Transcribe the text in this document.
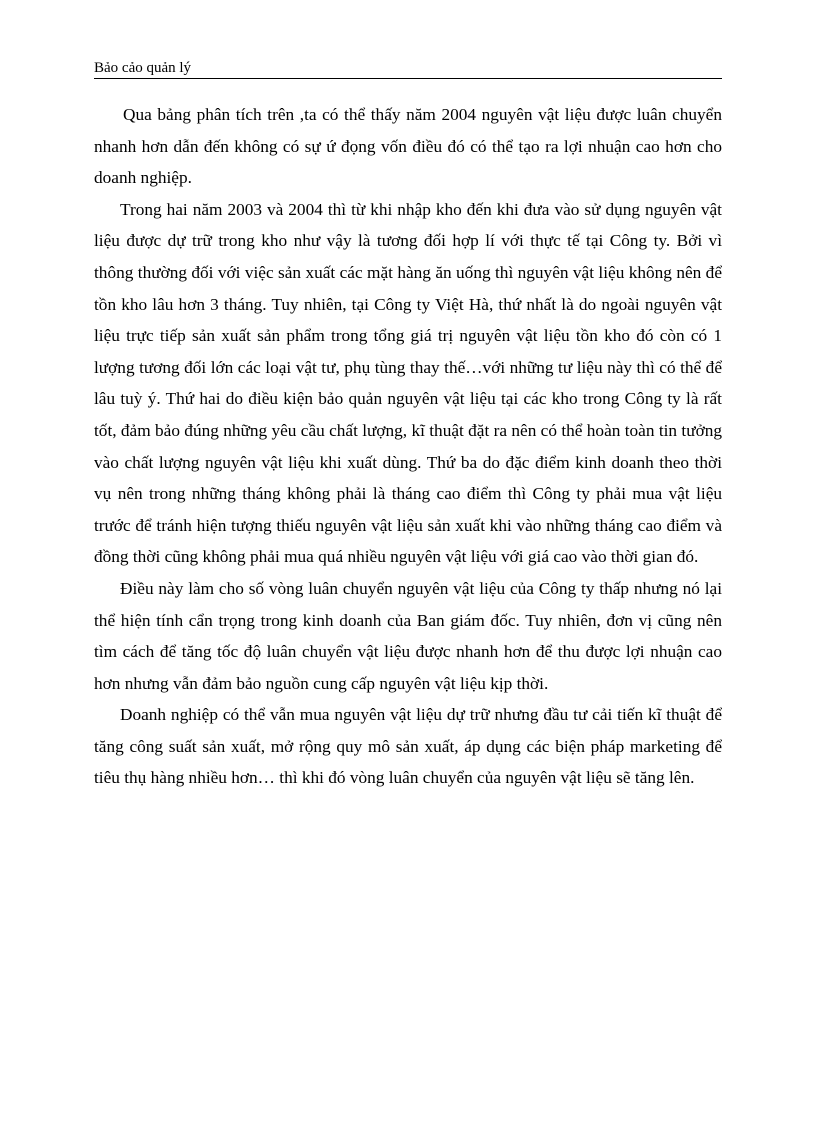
Bảo cảo quản lý

Qua bảng phân tích trên ,ta có thể thấy năm 2004 nguyên vật liệu được luân chuyển nhanh hơn dẫn đến không có sự ứ đọng vốn điều đó có thể tạo ra lợi nhuận cao hơn cho doanh nghiệp.

Trong hai năm 2003 và 2004 thì từ khi nhập kho đến khi đưa vào sử dụng nguyên vật liệu được dự trữ trong kho như vậy là tương đối hợp lí với thực tế tại Công ty. Bởi vì thông thường đối với việc sản xuất các mặt hàng ăn uống thì nguyên vật liệu không nên để tồn kho lâu hơn 3 tháng. Tuy nhiên, tại Công ty Việt Hà, thứ nhất là do ngoài nguyên vật liệu trực tiếp sản xuất sản phẩm trong tổng giá trị nguyên vật liệu tồn kho đó còn có 1 lượng tương đối lớn các loại vật tư, phụ tùng thay thế…với những tư liệu này thì có thể để lâu tuỳ ý. Thứ hai do điều kiện bảo quản nguyên vật liệu tại các kho trong Công ty là rất tốt, đảm bảo đúng những yêu cầu chất lượng, kĩ thuật đặt ra nên có thể hoàn toàn tin tưởng vào chất lượng nguyên vật liệu khi xuất dùng. Thứ ba do đặc điểm kinh doanh theo thời vụ nên trong những tháng không phải là tháng cao điểm thì Công ty phải mua vật liệu trước để tránh hiện tượng thiếu nguyên vật liệu sản xuất khi vào những tháng cao điểm và đồng thời cũng không phải mua quá nhiều nguyên vật liệu với giá cao vào thời gian đó.

Điều này làm cho số vòng luân chuyển nguyên vật liệu của Công ty thấp nhưng nó lại thể hiện tính cẩn trọng trong kinh doanh của Ban giám đốc. Tuy nhiên, đơn vị cũng nên tìm cách để tăng tốc độ luân chuyển vật liệu được nhanh hơn để thu được lợi nhuận cao hơn nhưng vẫn đảm bảo nguồn cung cấp nguyên vật liệu kịp thời.

Doanh nghiệp có thể vẫn mua nguyên vật liệu dự trữ nhưng đầu tư cải tiến kĩ thuật để tăng công suất sản xuất, mở rộng quy mô sản xuất, áp dụng các biện pháp marketing để tiêu thụ hàng nhiều hơn… thì khi đó vòng luân chuyển của nguyên vật liệu sẽ tăng lên.
